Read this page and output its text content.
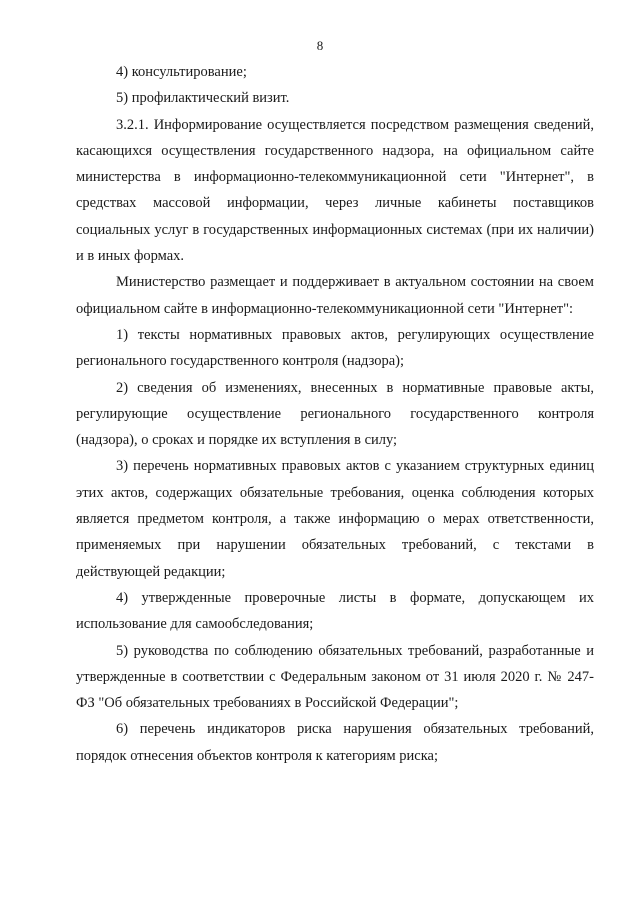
8

4) консультирование;

5) профилактический визит.

3.2.1. Информирование осуществляется посредством размещения сведений, касающихся осуществления государственного надзора, на официальном сайте министерства в информационно-телекоммуникационной сети "Интернет", в средствах массовой информации, через личные кабинеты поставщиков социальных услуг в государственных информационных системах (при их наличии) и в иных формах.

Министерство размещает и поддерживает в актуальном состоянии на своем официальном сайте в информационно-телекоммуникационной сети "Интернет":

1) тексты нормативных правовых актов, регулирующих осуществление регионального государственного контроля (надзора);

2) сведения об изменениях, внесенных в нормативные правовые акты, регулирующие осуществление регионального государственного контроля (надзора), о сроках и порядке их вступления в силу;

3) перечень нормативных правовых актов с указанием структурных единиц этих актов, содержащих обязательные требования, оценка соблюдения которых является предметом контроля, а также информацию о мерах ответственности, применяемых при нарушении обязательных требований, с текстами в действующей редакции;

4) утвержденные проверочные листы в формате, допускающем их использование для самообследования;

5) руководства по соблюдению обязательных требований, разработанные и утвержденные в соответствии с Федеральным законом от 31 июля 2020 г. № 247-ФЗ "Об обязательных требованиях в Российской Федерации";

6) перечень индикаторов риска нарушения обязательных требований, порядок отнесения объектов контроля к категориям риска;
